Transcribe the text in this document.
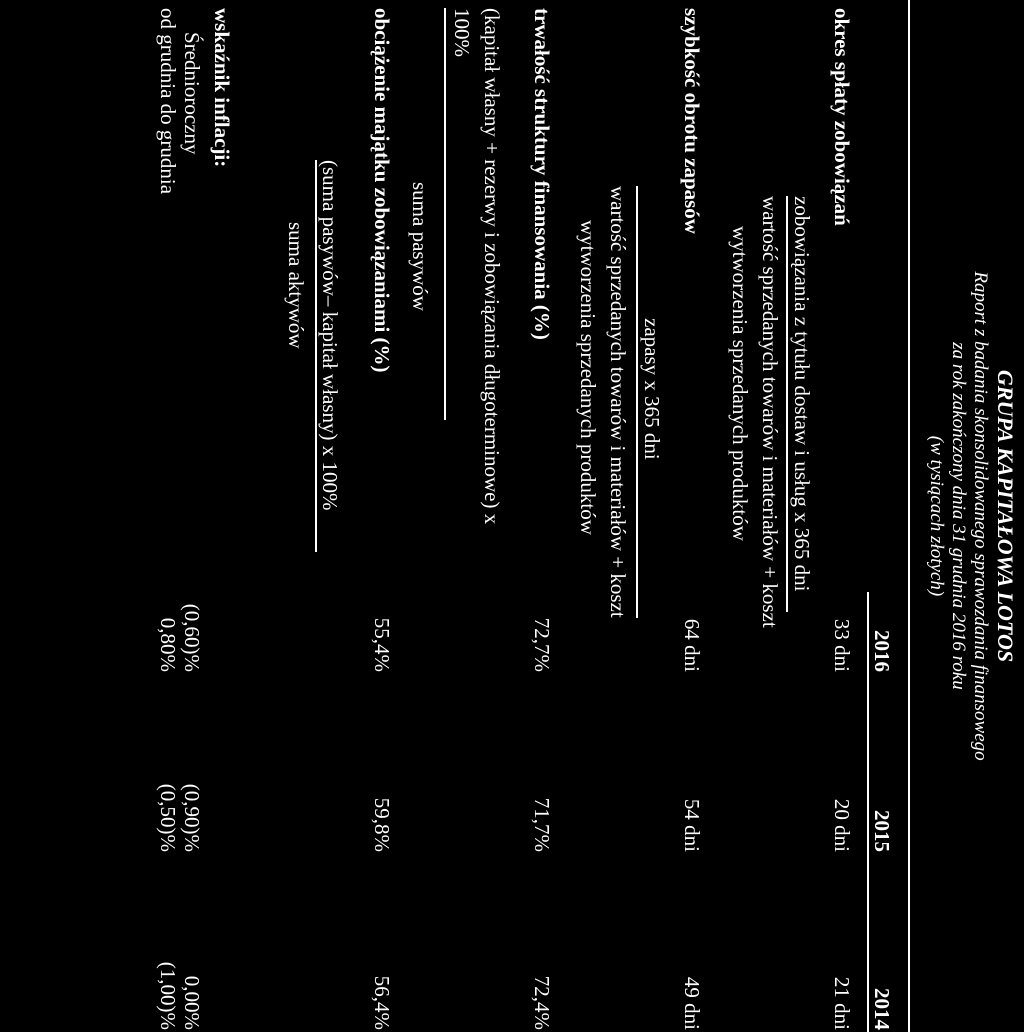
GRUPA KAPITAŁOWA LOTOS
Raport z badania skonsolidowanego sprawozdania finansowego
za rok zakończony dnia 31 grudnia 2016 roku
(w tysiącach złotych)
2016
2015
2014
okres spłaty zobowiązań
33 dni
20 dni
21 dni
zobowiązania z tytułu dostaw i usług x 365 dni
wartość sprzedanych towarów i materiałów + koszt
wytworzenia sprzedanych produktów
szybkość obrotu zapasów
64 dni
54 dni
49 dni
zapasy x 365 dni
wartość sprzedanych towarów i materiałów + koszt
wytworzenia sprzedanych produktów
trwałość struktury finansowania (%)
72,7%
71,7%
72,4%
(kapitał własny + rezerwy i zobowiązania długoterminowe) x
100%
suma pasywów
obciążenie majątku zobowiązaniami (%)
55,4%
59,8%
56,4%
(suma pasywów– kapitał własny) x 100%
suma aktywów
wskaźnik inflacji:
Średnioroczny
(0,60)%
(0,90)%
0,00%
od grudnia do grudnia
0,80%
(0,50)%
(1,00)%
